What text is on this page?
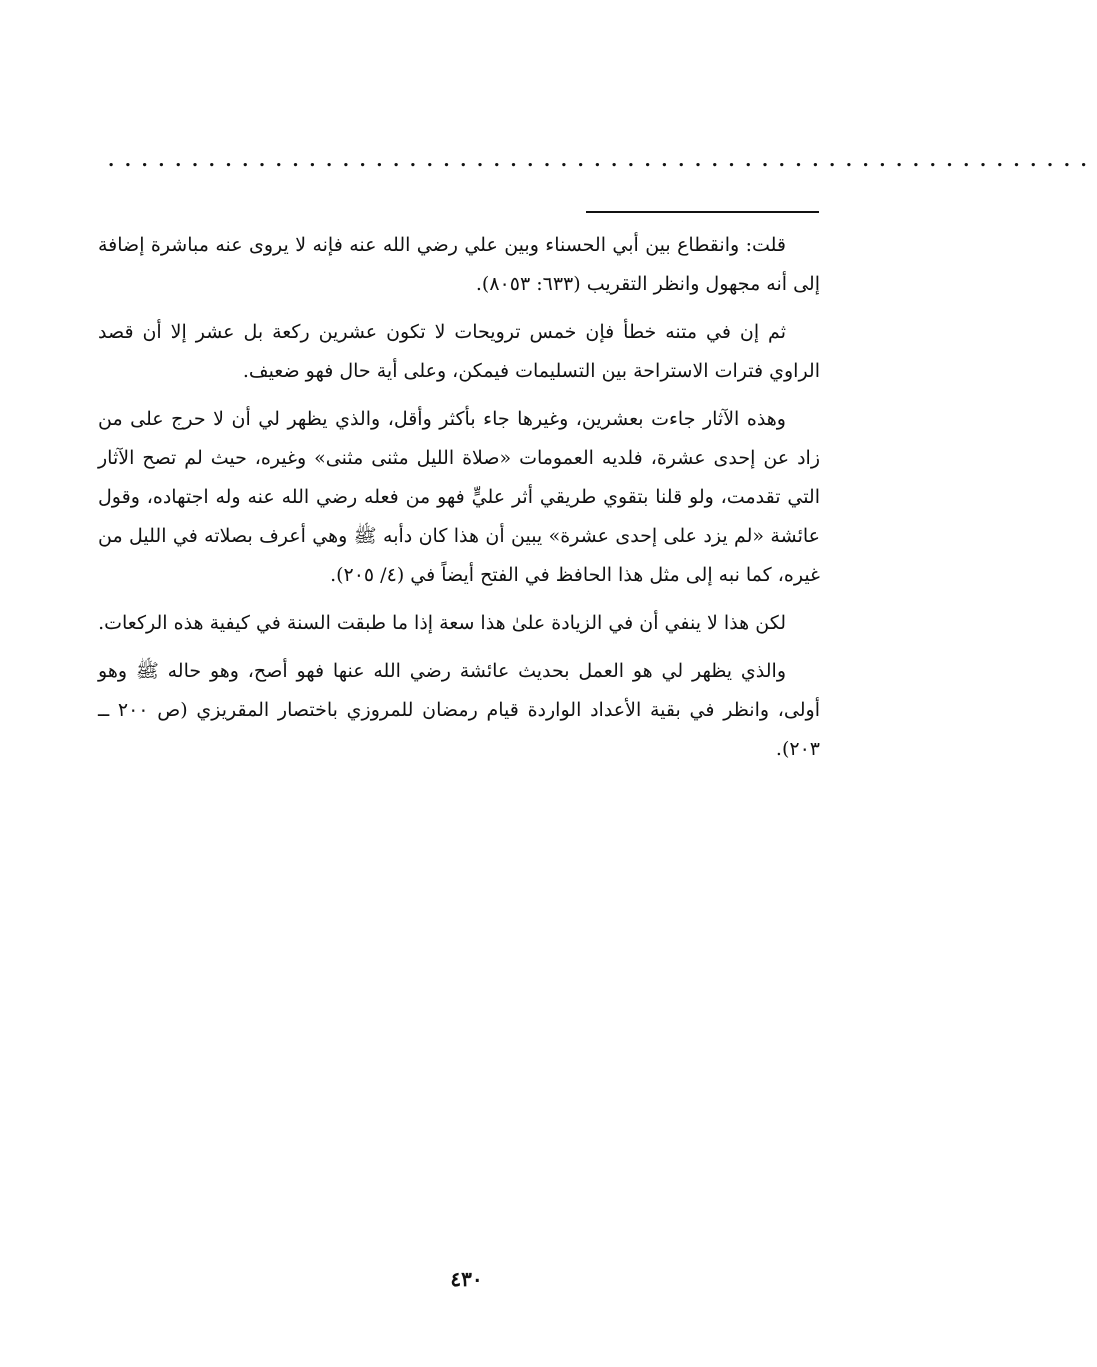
...........................................................

قلت: وانقطاع بين أبي الحسناء وبين علي رضي الله عنه فإنه لا يروى عنه مباشرة إضافة إلى أنه مجهول وانظر التقريب (٦٣٣: ٨٠٥٣).

ثم إن في متنه خطأ فإن خمس ترويحات لا تكون عشرين ركعة بل عشر إلا أن قصد الراوي فترات الاستراحة بين التسليمات فيمكن، وعلى أية حال فهو ضعيف.

وهذه الآثار جاءت بعشرين، وغيرها جاء بأكثر وأقل، والذي يظهر لي أن لا حرج على من زاد عن إحدى عشرة، فلديه العمومات «صلاة الليل مثنى مثنى» وغيره، حيث لم تصح الآثار التي تقدمت، ولو قلنا بتقوي طريقي أثر عليٍّ فهو من فعله رضي الله عنه وله اجتهاده، وقول عائشة «لم يزد على إحدى عشرة» يبين أن هذا كان دأبه ﷺ وهي أعرف بصلاته في الليل من غيره، كما نبه إلى مثل هذا الحافظ في الفتح أيضاً في (٤/ ٢٠٥).

لكن هذا لا ينفي أن في الزيادة علىٰ هذا سعة إذا ما طبقت السنة في كيفية هذه الركعات.

والذي يظهر لي هو العمل بحديث عائشة رضي الله عنها فهو أصح، وهو حاله ﷺ وهو أولى، وانظر في بقية الأعداد الواردة قيام رمضان للمروزي باختصار المقريزي (ص ٢٠٠ ــ ٢٠٣).

٤٣٠
